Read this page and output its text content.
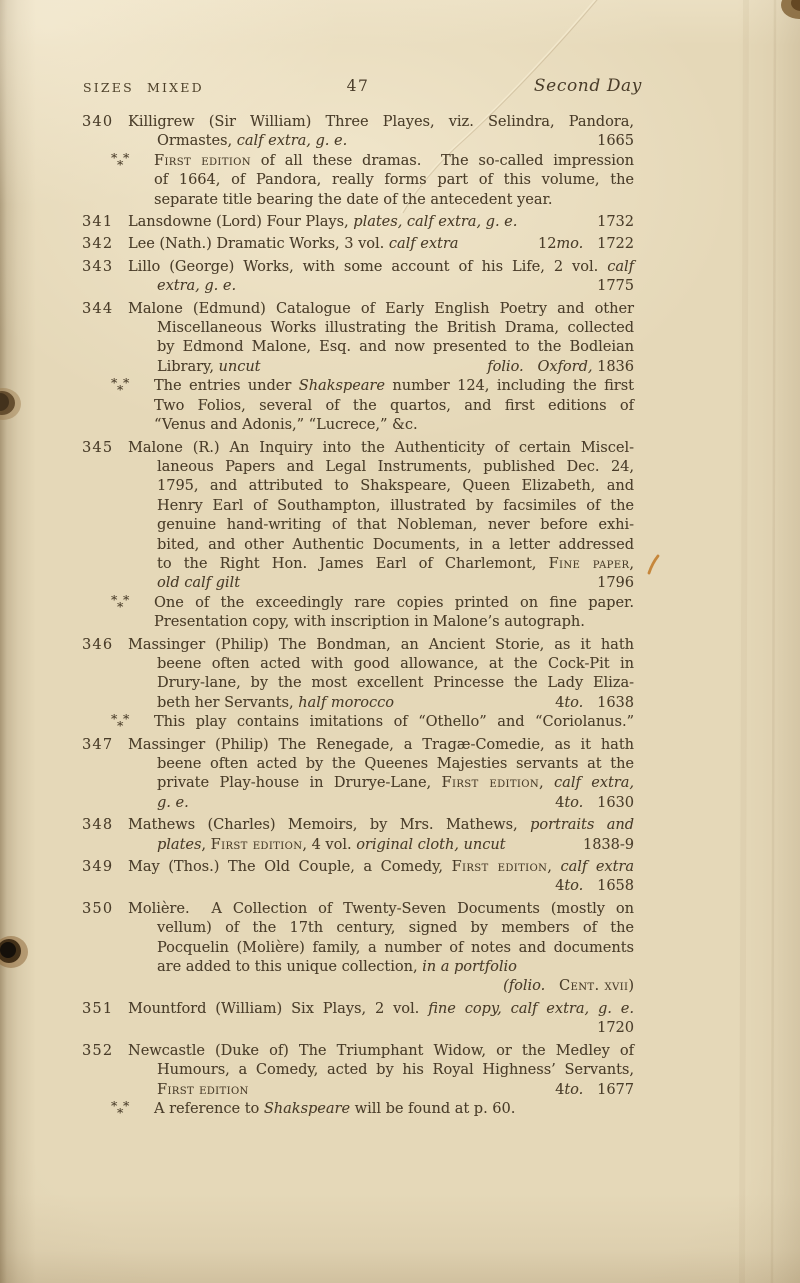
SIZES MIXED	47	Second Day
340 Killigrew (Sir William) Three Playes, viz. Selindra, Pandora,
Ormastes, calf extra, g. e.	1665
* *
* First edition of all these dramas.  The so-called impression
of 1664, of Pandora, really forms part of this volume, the
separate title bearing the date of the antecedent year.
341 Lansdowne (Lord) Four Plays, plates, calf extra, g. e.	1732
342 Lee (Nath.) Dramatic Works, 3 vol. calf extra	12mo.   1722
343 Lillo (George) Works, with some account of his Life, 2 vol. calf
extra, g. e.	1775
344 Malone (Edmund) Catalogue of Early English Poetry and other
Miscellaneous Works illustrating the British Drama, collected
by Edmond Malone, Esq. and now presented to the Bodleian
Library, uncut	folio. Oxford, 1836
* *
* The entries under Shakspeare number 124, including the first
Two Folios, several of the quartos, and first editions of
“Venus and Adonis,” “Lucrece,” &c.
345 Malone (R.) An Inquiry into the Authenticity of certain Miscel-
laneous Papers and Legal Instruments, published Dec. 24,
1795, and attributed to Shakspeare, Queen Elizabeth, and
Henry Earl of Southampton, illustrated by facsimiles of the
genuine hand-writing of that Nobleman, never before exhi-
bited, and other Authentic Documents, in a letter addressed
to the Right Hon. James Earl of Charlemont, Fine paper,
old calf gilt	1796
* *
* One of the exceedingly rare copies printed on fine paper.
Presentation copy, with inscription in Malone’s autograph.
346 Massinger (Philip) The Bondman, an Ancient Storie, as it hath
beene often acted with good allowance, at the Cock-Pit in
Drury-lane, by the most excellent Princesse the Lady Eliza-
beth her Servants, half morocco	4to.   1638
* *
* This play contains imitations of “Othello” and “Coriolanus.”
347 Massinger (Philip) The Renegade, a Tragæ-Comedie, as it hath
beene often acted by the Queenes Majesties servants at the
private Play-house in Drurye-Lane, First edition, calf extra,
g. e.	4to.   1630
348 Mathews (Charles) Memoirs, by Mrs. Mathews, portraits and
plates, First edition, 4 vol. original cloth, uncut	1838-9
349 May (Thos.) The Old Couple, a Comedy, First edition, calf extra
4to.   1658
350 Molière.  A Collection of Twenty-Seven Documents (mostly on
vellum) of the 17th century, signed by members of the
Pocquelin (Molière) family, a number of notes and documents
are added to this unique collection, in a portfolio
(folio. Cent. xvii)
351 Mountford (William) Six Plays, 2 vol. fine copy, calf extra, g. e.
1720
352 Newcastle (Duke of) The Triumphant Widow, or the Medley of
Humours, a Comedy, acted by his Royal Highness’ Servants,
First edition	4to.   1677
* *
* A reference to Shakspeare will be found at p. 60.
